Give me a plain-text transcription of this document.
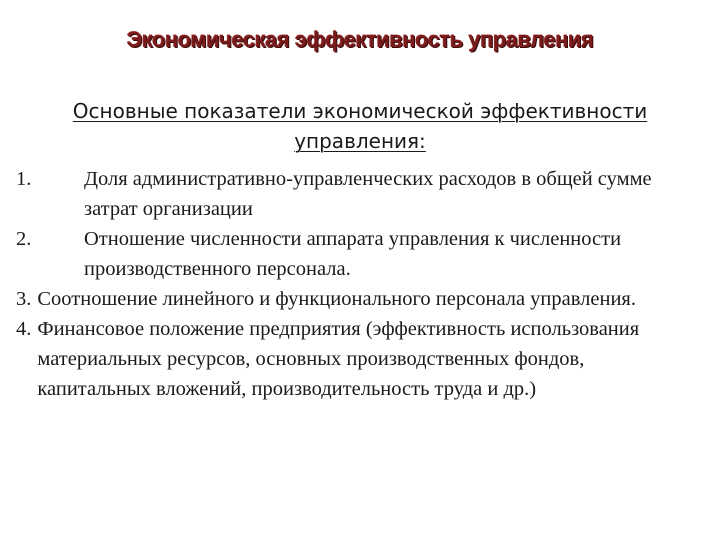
Экономическая эффективность управления
Основные показатели экономической эффективности управления:
1.	Доля административно-управленческих расходов в общей сумме затрат организации
2.	Отношение численности аппарата управления к численности производственного персонала.
3. Соотношение линейного и функционального персонала управления.
4. Финансовое положение предприятия (эффективность использования материальных ресурсов, основных производственных фондов, капитальных вложений, производительность труда и др.)
